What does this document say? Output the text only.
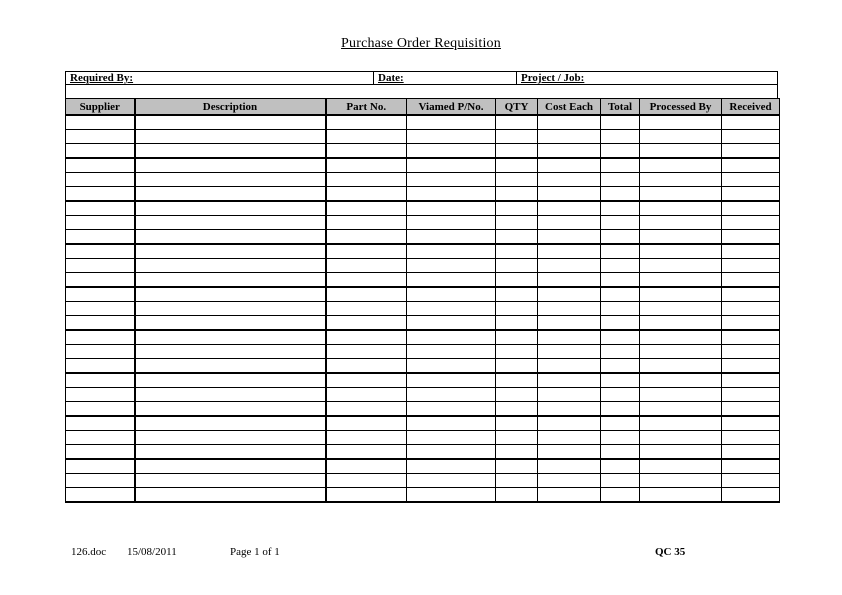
Purchase Order Requisition
Required By:	Date:	Project / Job:
Supplier	Description	Part No.	Viamed P/No.	QTY	Cost Each	Total	Processed By	Received

126.doc 15/08/2011	Page 1 of 1	QC 35
